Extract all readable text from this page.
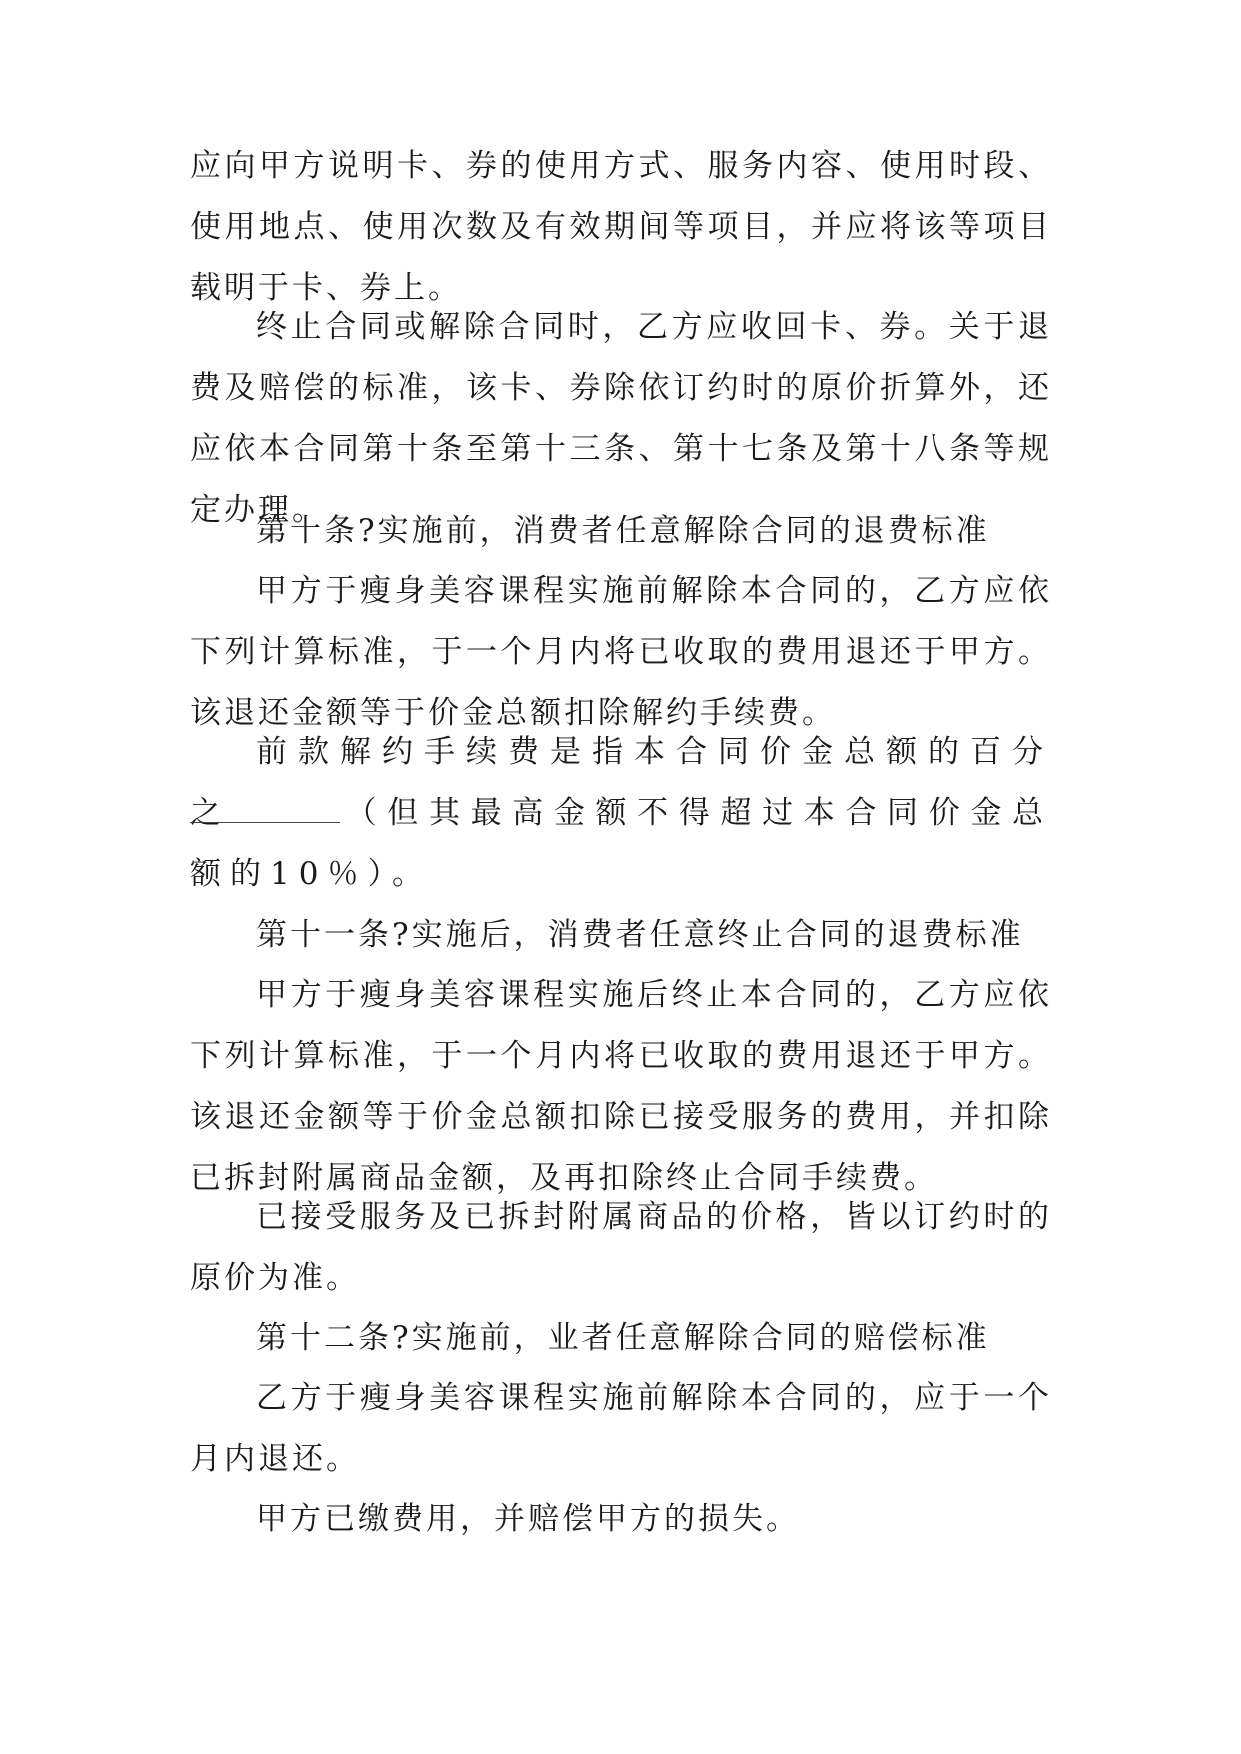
应向甲方说明卡、券的使用方式、服务内容、使用时段、使用地点、使用次数及有效期间等项目，并应将该等项目载明于卡、券上。

终止合同或解除合同时，乙方应收回卡、券。关于退费及赔偿的标准，该卡、券除依订约时的原价折算外，还应依本合同第十条至第十三条、第十七条及第十八条等规定办理。

第十条?实施前，消费者任意解除合同的退费标准

甲方于瘦身美容课程实施前解除本合同的，乙方应依下列计算标准，于一个月内将已收取的费用退还于甲方。该退还金额等于价金总额扣除解约手续费。

前款解约手续费是指本合同价金总额的百分之	（但其最高金额不得超过本合同价金总额的10％）。

第十一条?实施后，消费者任意终止合同的退费标准

甲方于瘦身美容课程实施后终止本合同的，乙方应依下列计算标准，于一个月内将已收取的费用退还于甲方。该退还金额等于价金总额扣除已接受服务的费用，并扣除已拆封附属商品金额，及再扣除终止合同手续费。

已接受服务及已拆封附属商品的价格，皆以订约时的原价为准。

第十二条?实施前，业者任意解除合同的赔偿标准

乙方于瘦身美容课程实施前解除本合同的，应于一个月内退还。

甲方已缴费用，并赔偿甲方的损失。
